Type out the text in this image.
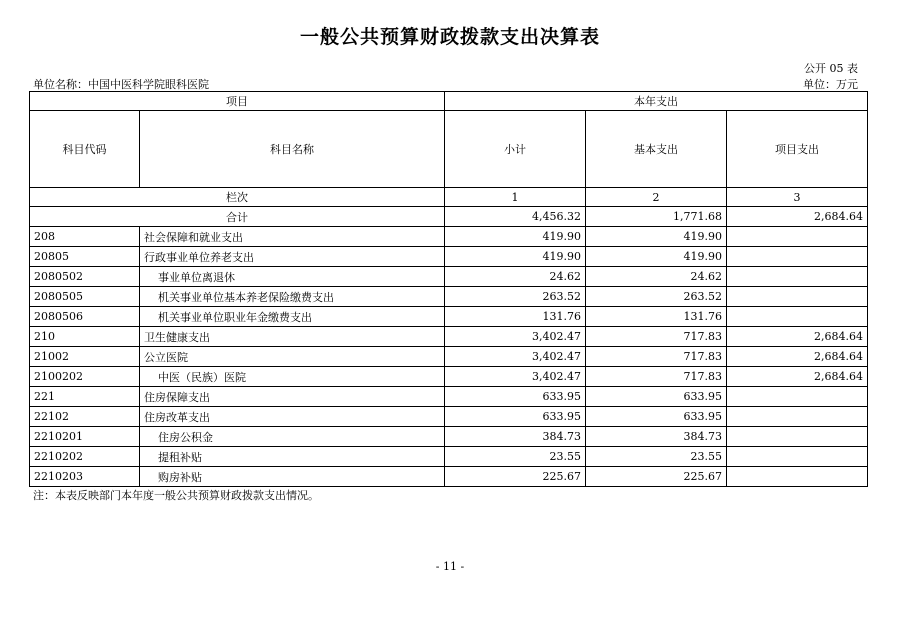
一般公共预算财政拨款支出决算表
公开 05 表
单位名称：中国中医科学院眼科医院	单位：万元
项目		本年支出		
科目代码	科目名称	小计	基本支出	项目支出
栏次		1	2	3
合计		4,456.32	1,771.68	2,684.64
208	社会保障和就业支出	419.90	419.90	
20805	行政事业单位养老支出	419.90	419.90	
2080502	事业单位离退休	24.62	24.62	
2080505	机关事业单位基本养老保险缴费支出	263.52	263.52	
2080506	机关事业单位职业年金缴费支出	131.76	131.76	
210	卫生健康支出	3,402.47	717.83	2,684.64
21002	公立医院	3,402.47	717.83	2,684.64
2100202	中医（民族）医院	3,402.47	717.83	2,684.64
221	住房保障支出	633.95	633.95	
22102	住房改革支出	633.95	633.95	
2210201	住房公积金	384.73	384.73	
2210202	提租补贴	23.55	23.55	
2210203	购房补贴	225.67	225.67	
注：本表反映部门本年度一般公共预算财政拨款支出情况。
- 11 -
